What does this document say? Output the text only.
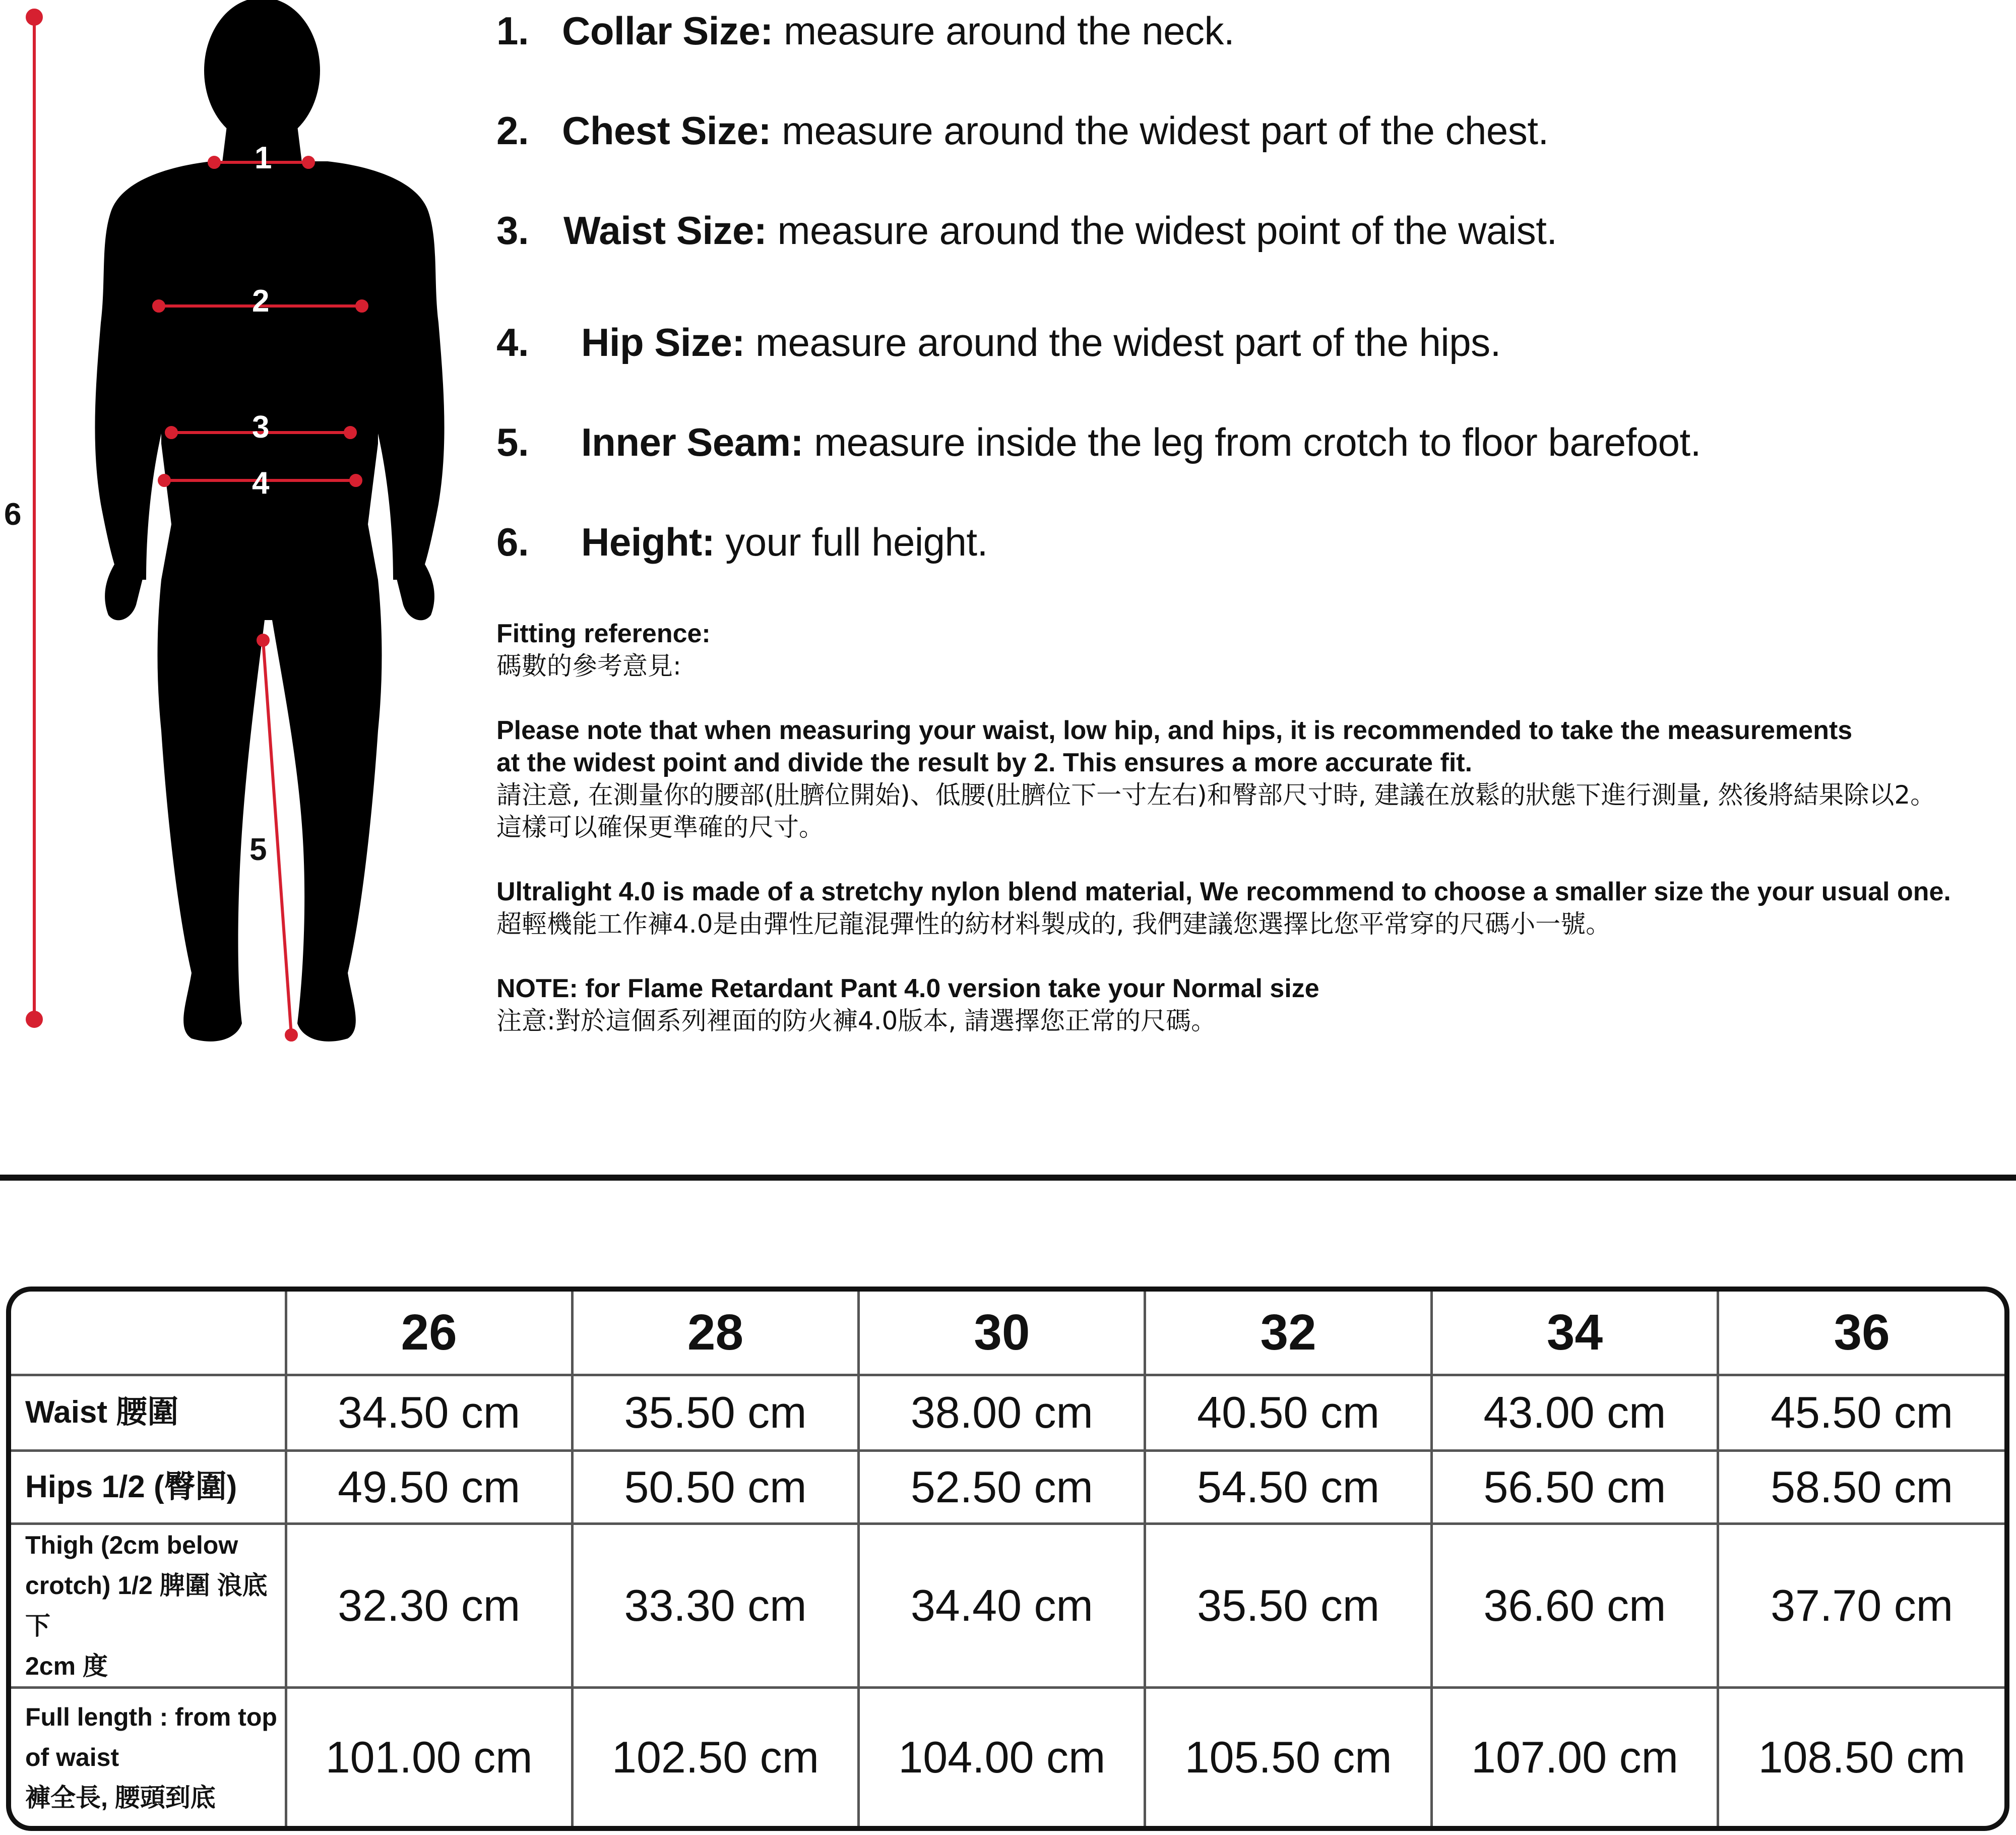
1
2
3
4
5
6
1. Collar Size: measure around the neck.
2. Chest Size: measure around the widest part of the chest.
3. Waist Size: measure around the widest point of the waist.
4. Hip Size: measure around the widest part of the hips.
5. Inner Seam: measure inside the leg from crotch to floor barefoot.
6. Height: your full height.
Fitting reference:
碼數的參考意見:
Please note that when measuring your waist, low hip, and hips, it is recommended to take the measurements
at the widest point and divide the result by 2. This ensures a more accurate fit.
請注意, 在測量你的腰部(肚臍位開始)、低腰(肚臍位下一寸左右)和臀部尺寸時, 建議在放鬆的狀態下進行測量, 然後將結果除以2。
這樣可以確保更準確的尺寸。
Ultralight 4.0 is made of a stretchy nylon blend material, We recommend to choose a smaller size the your usual one.
超輕機能工作褲4.0是由彈性尼龍混彈性的紡材料製成的, 我們建議您選擇比您平常穿的尺碼小一號。
NOTE: for Flame Retardant Pant 4.0 version take your Normal size
注意:對於這個系列裡面的防火褲4.0版本, 請選擇您正常的尺碼。
	26	28	30	32	34	36
Waist 腰圍	34.50 cm	35.50 cm	38.00 cm	40.50 cm	43.00 cm	45.50 cm
Hips 1/2 (臀圍)	49.50 cm	50.50 cm	52.50 cm	54.50 cm	56.50 cm	58.50 cm

Thigh (2cm below
crotch) 1/2 脾圍 浪底下
2cm 度	32.30 cm	33.30 cm	34.40 cm	35.50 cm	36.60 cm	37.70 cm

Full length : from top
of waist
褲全長, 腰頭到底	101.00 cm	102.50 cm	104.00 cm	105.50 cm	107.00 cm	108.50 cm
